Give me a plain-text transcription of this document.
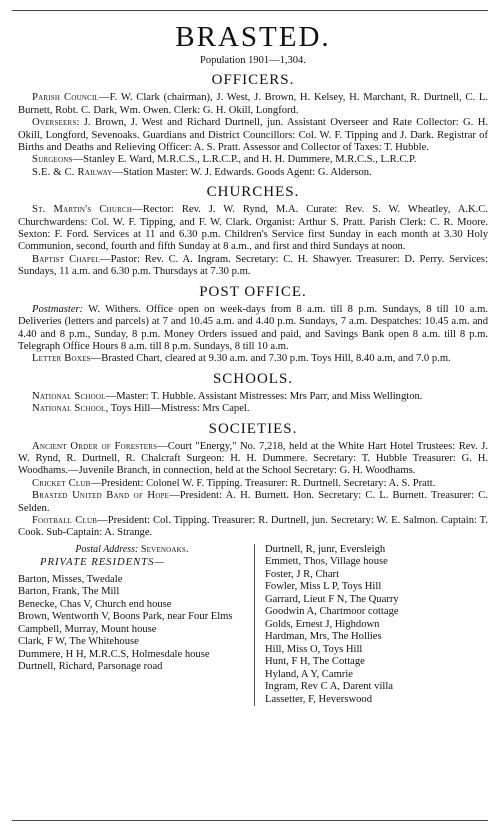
BRASTED.
Population 1901—1,304.
OFFICERS.

Parish Council—F. W. Clark (chairman), J. West, J. Brown, H. Kelsey, H. Marchant, R. Durtnell, C. L. Burnett, Robt. C. Dark, Wm. Owen. Clerk: G. H. Okill, Longford.

Overseers: J. Brown, J. West and Richard Durtnell, jun. Assistant Overseer and Rate Collector: G. H. Okill, Longford, Sevenoaks. Guardians and District Councillors: Col. W. F. Tipping and J. Dark. Registrar of Births and Deaths and Relieving Officer: A. S. Pratt. Assessor and Collector of Taxes: T. Hubble.

Surgeons—Stanley E. Ward, M.R.C.S., L.R.C.P., and H. H. Dummere, M.R.C.S., L.R.C.P.

S.E. & C. Railway—Station Master: W. J. Edwards. Goods Agent: G. Alderson.

CHURCHES.

St. Martin's Church—Rector: Rev. J. W. Rynd, M.A. Curate: Rev. S. W. Wheatley, A.K.C. Churchwardens: Col. W. F. Tipping, and F. W. Clark. Organist: Arthur S. Pratt. Parish Clerk: C. R. Moore. Sexton: F. Ford. Services at 11 and 6.30 p.m. Children's Service first Sunday in each month at 3.30 Holy Communion, second, fourth and fifth Sunday at 8 a.m., and first and third Sundays at noon.

Baptist Chapel—Pastor: Rev. C. A. Ingram. Secretary: C. H. Shawyer. Treasurer: D. Perry. Services: Sundays, 11 a.m. and 6.30 p.m. Thursdays at 7.30 p.m.

POST OFFICE.

Postmaster: W. Withers. Office open on week-days from 8 a.m. till 8 p.m. Sundays, 8 till 10 a.m. Deliveries (letters and parcels) at 7 and 10.45 a.m. and 4.40 p.m. Sundays, 7 a.m. Despatches: 10.45 a.m. and 4.40 and 8 p.m., Sunday, 8 p.m. Money Orders issued and paid, and Savings Bank open 8 a.m. till 8 p.m. Telegraph Office Hours 8 a.m. till 8 p.m. Sundays, 8 till 10 a.m.

Letter Boxes—Brasted Chart, cleared at 9.30 a.m. and 7.30 p.m. Toys Hill, 8.40 a.m, and 7.0 p.m.

SCHOOLS.

National School—Master: T. Hubble. Assistant Mistresses: Mrs Parr, and Miss Wellington.

National School, Toys Hill—Mistress: Mrs Capel.

SOCIETIES.

Ancient Order of Foresters—Court "Energy," No. 7,218, held at the White Hart Hotel Trustees: Rev. J. W. Rynd, R. Durtnell, R. Chalcraft Surgeon: H. H. Dummere. Secretary: T. Hubble Treasurer: G. H. Woodhams.—Juvenile Branch, in connection, held at the School Secretary: G. H. Woodhams.

Cricket Club—President: Colonel W. F. Tipping. Treasurer: R. Durtnell. Secretary: A. S. Pratt.

Brasted United Band of Hope—President: A. H. Burnett. Hon. Secretary: C. L. Burnett. Treasurer: C. Selden.

Football Club—President: Col. Tipping. Treasurer: R. Durtnell, jun. Secretary: W. E. Salmon. Captain: T. Cook. Sub-Captain: A. Strange.

Postal Address: Sevenoaks.
PRIVATE RESIDENTS—

Barton, Misses, Twedale

Barton, Frank, The Mill

Benecke, Chas V, Church end house

Brown, Wentworth V, Boons Park, near Four Elms

Campbell, Murray, Mount house

Clark, F W, The Whitehouse

Dummere, H H, M.R.C.S, Holmesdale house

Durtnell, Richard, Parsonage road

Durtnell, R, junr, Eversleigh

Emmett, Thos, Village house

Foster, J R, Chart

Fowler, Miss L P, Toys Hill

Garrard, Lieut F N, The Quarry

Goodwin A, Chartmoor cottage

Golds, Ernest J, Highdown

Hardman, Mrs, The Hollies

Hill, Miss O, Toys Hill

Hunt, F H, The Cottage

Hyland, A Y, Camrie

Ingram, Rev C A, Darent villa

Lassetter, F, Heverswood
